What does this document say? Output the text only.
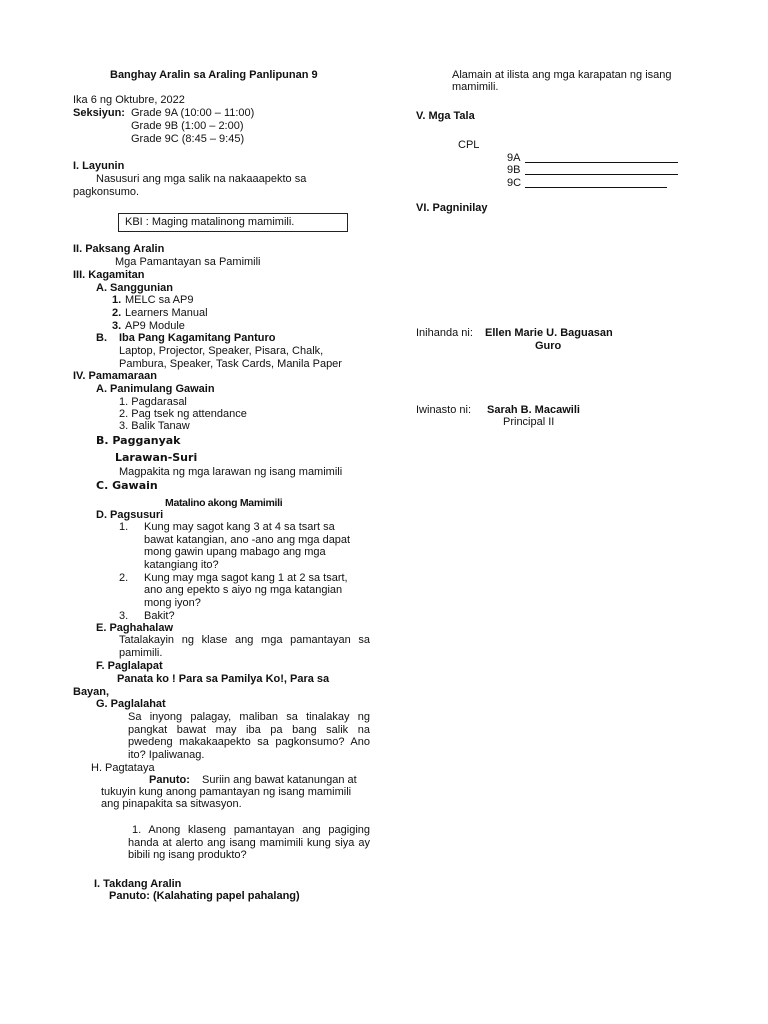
Banghay Aralin sa Araling Panlipunan 9
Ika 6 ng Oktubre, 2022
Seksiyun: Grade 9A (10:00 – 11:00)
Grade 9B (1:00 – 2:00)
Grade 9C (8:45 – 9:45)
I. Layunin
Nasusuri ang mga salik na nakaaapekto sa
pagkonsumo.
KBI : Maging matalinong mamimili.
II. Paksang Aralin
Mga Pamantayan sa Pamimili
III. Kagamitan
A. Sanggunian
1. MELC sa AP9
2. Learners Manual
3. AP9 Module
B. Iba Pang Kagamitang Panturo
Laptop, Projector, Speaker, Pisara, Chalk,
Pambura, Speaker, Task Cards, Manila Paper
IV. Pamamaraan
A. Panimulang Gawain
1. Pagdarasal
2. Pag tsek ng attendance
3. Balik Tanaw
B. Pagganyak
Larawan-Suri
Magpakita ng mga larawan ng isang mamimili
C. Gawain
Matalino akong Mamimili
D. Pagsusuri
1. Kung may sagot kang 3 at 4 sa tsart sa
bawat katangian, ano -ano ang mga dapat
mong gawin upang mabago ang mga
katangiang ito?
2. Kung may mga sagot kang 1 at 2 sa tsart,
ano ang epekto s aiyo ng mga katangian
mong iyon?
3. Bakit?
E. Paghahalaw
Tatalakayin ng klase ang mga pamantayan sa pamimili.
F. Paglalapat
Panata ko ! Para sa Pamilya Ko!, Para sa
Bayan,
G. Paglalahat
Sa inyong palagay, maliban sa tinalakay ng pangkat bawat may iba pa bang salik na pwedeng makakaapekto sa pagkonsumo? Ano ito? Ipaliwanag.
H. Pagtataya
Panuto: Suriin ang bawat katanungan at
tukuyin kung anong pamantayan ng isang mamimili
ang pinapakita sa sitwasyon.
1. Anong klaseng pamantayan ang pagiging handa at alerto ang isang mamimili kung siya ay bibili ng isang produkto?
I. Takdang Aralin
Panuto: (Kalahating papel pahalang)
Alamain at ilista ang mga karapatan ng isang
mamimili.
V. Mga Tala
CPL
9A
9B
9C
VI. Pagninilay
Inihanda ni: Ellen Marie U. Baguasan
Guro
Iwinasto ni: Sarah B. Macawili
Principal II
